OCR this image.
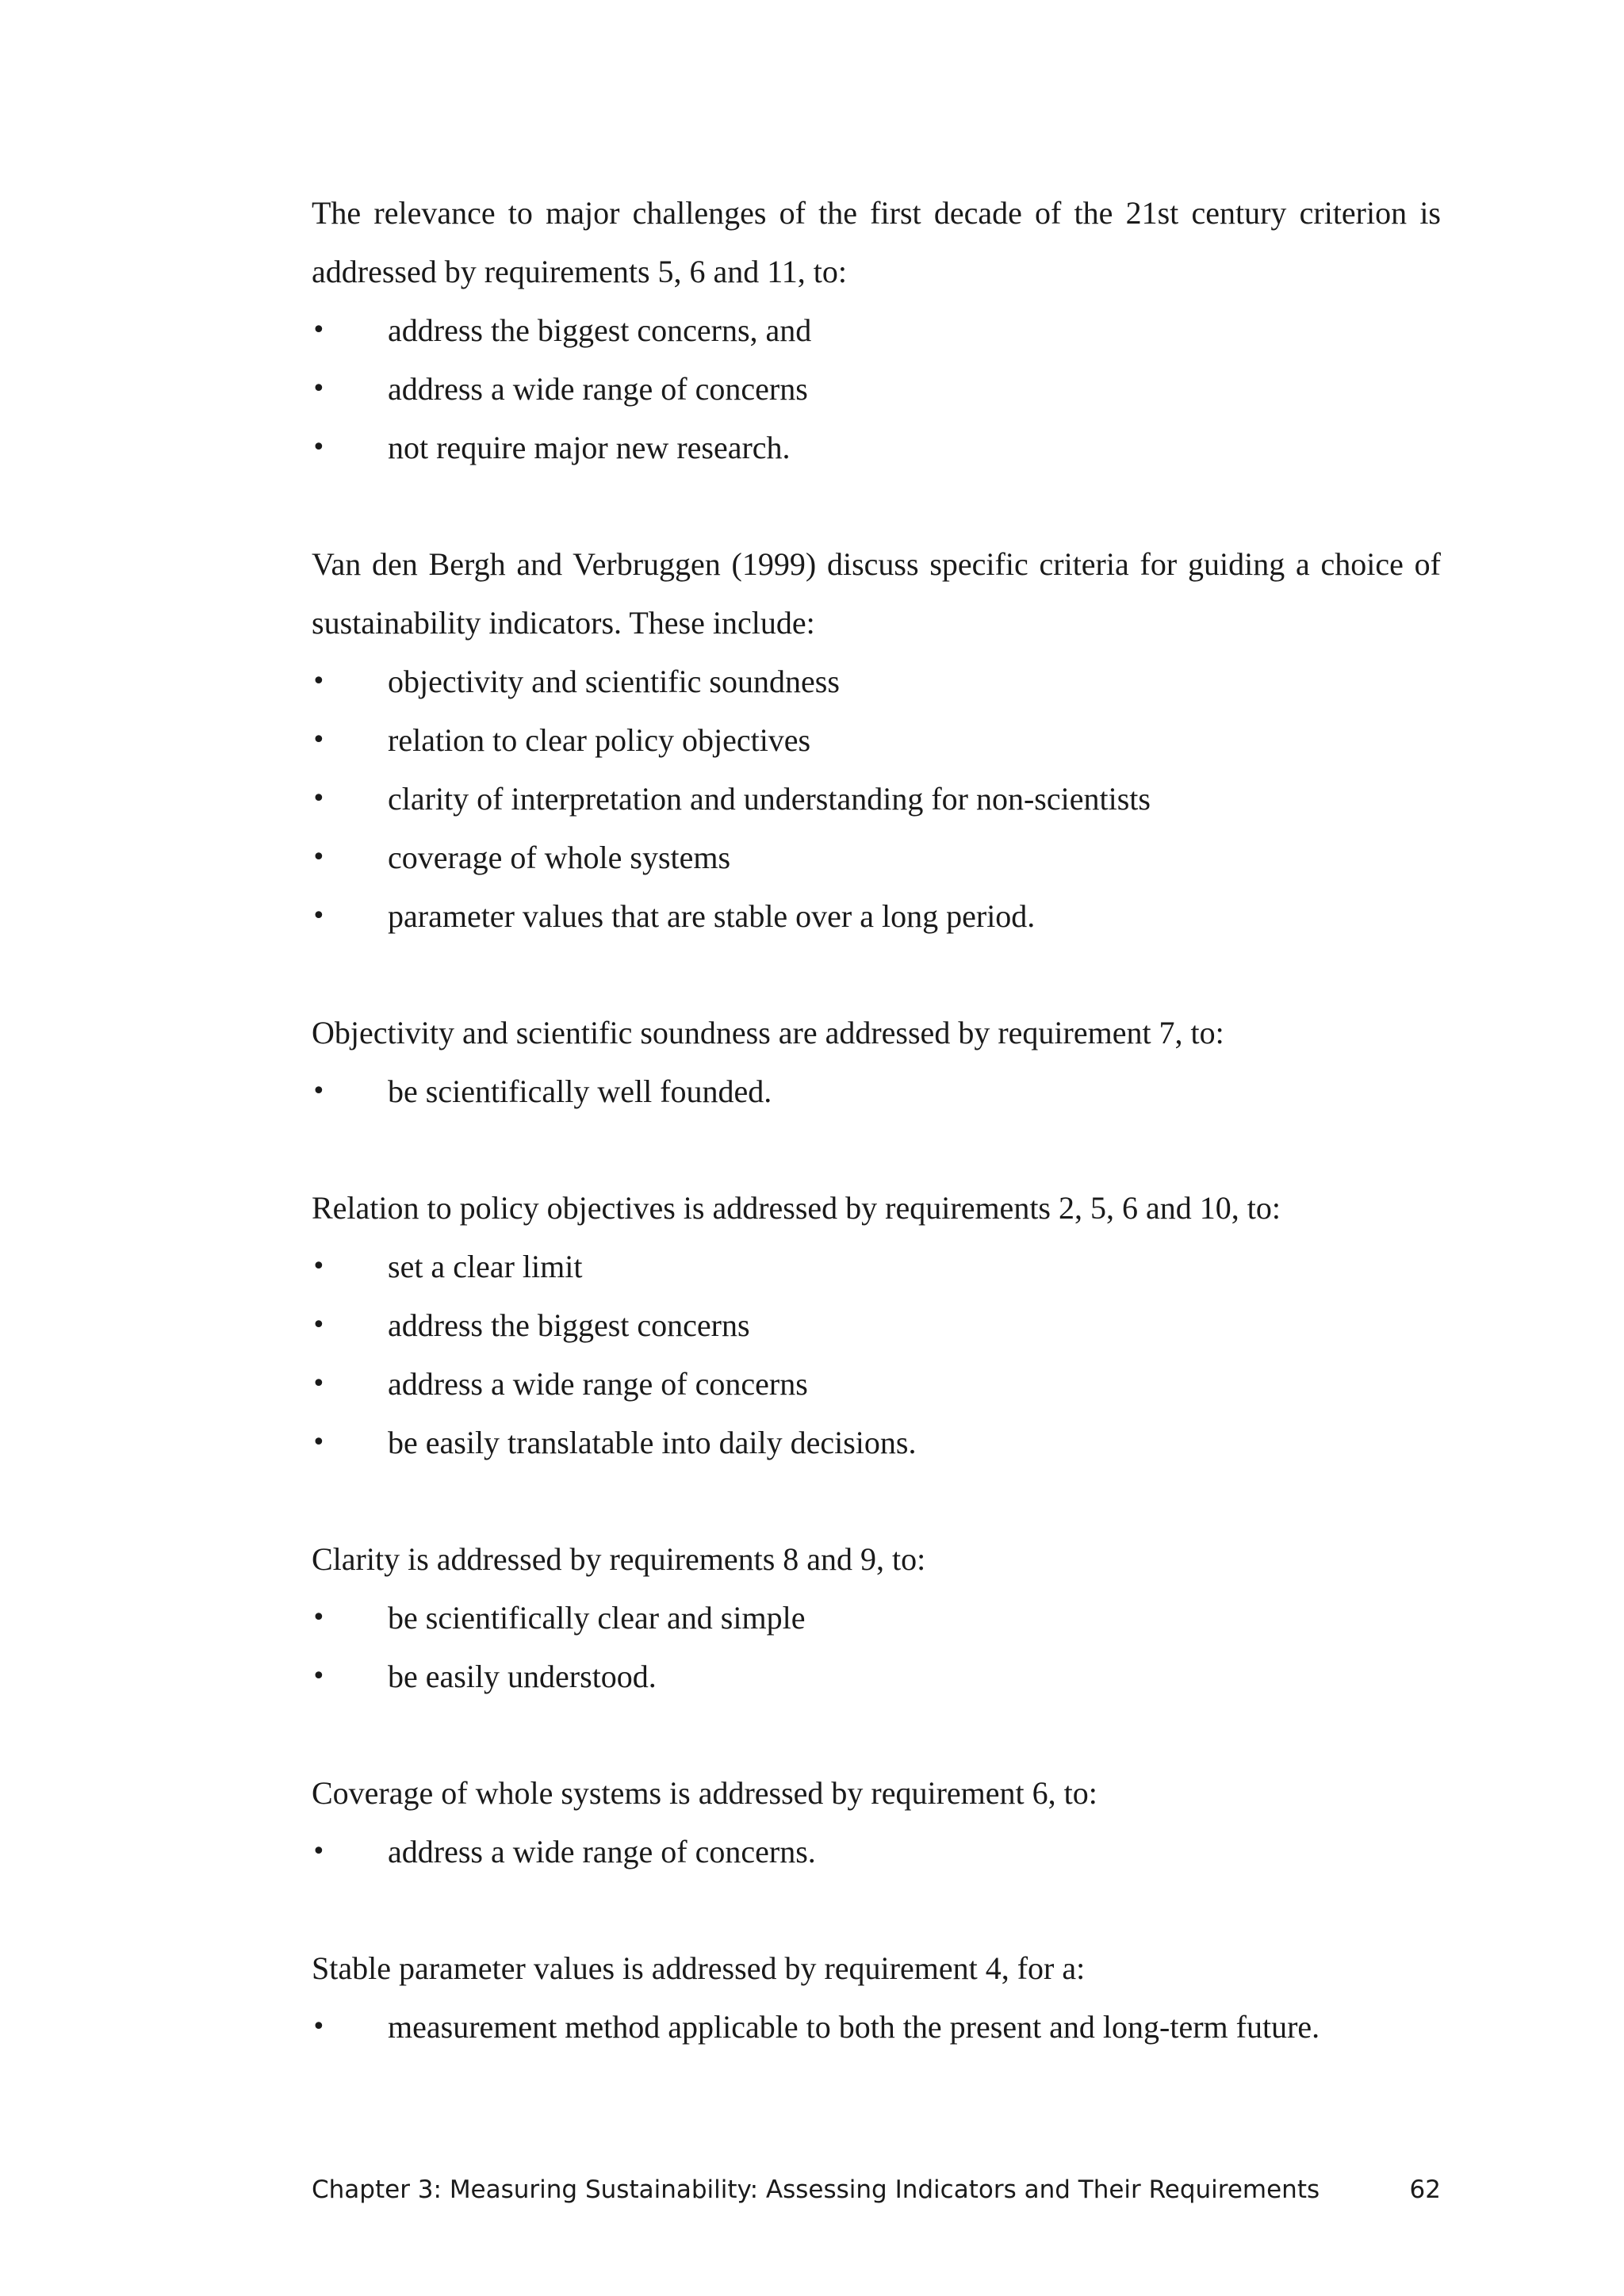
The relevance to major challenges of the first decade of the 21st century criterion is addressed by requirements 5, 6 and 11, to:

•	address the biggest concerns, and
•	address a wide range of concerns
•	not require major new research.

Van den Bergh and Verbruggen (1999) discuss specific criteria for guiding a choice of sustainability indicators. These include:

•	objectivity and scientific soundness
•	relation to clear policy objectives
•	clarity of interpretation and understanding for non-scientists
•	coverage of whole systems
•	parameter values that are stable over a long period.

Objectivity and scientific soundness are addressed by requirement 7, to:

•	be scientifically well founded.

Relation to policy objectives is addressed by requirements 2, 5, 6 and 10, to:

•	set a clear limit
•	address the biggest concerns
•	address a wide range of concerns
•	be easily translatable into daily decisions.

Clarity is addressed by requirements 8 and 9, to:

•	be scientifically clear and simple
•	be easily understood.

Coverage of whole systems is addressed by requirement 6, to:

•	address a wide range of concerns.

Stable parameter values is addressed by requirement 4, for a:

•	measurement method applicable to both the present and long-term future.
Chapter 3: Measuring Sustainability: Assessing Indicators and Their Requirements	62
